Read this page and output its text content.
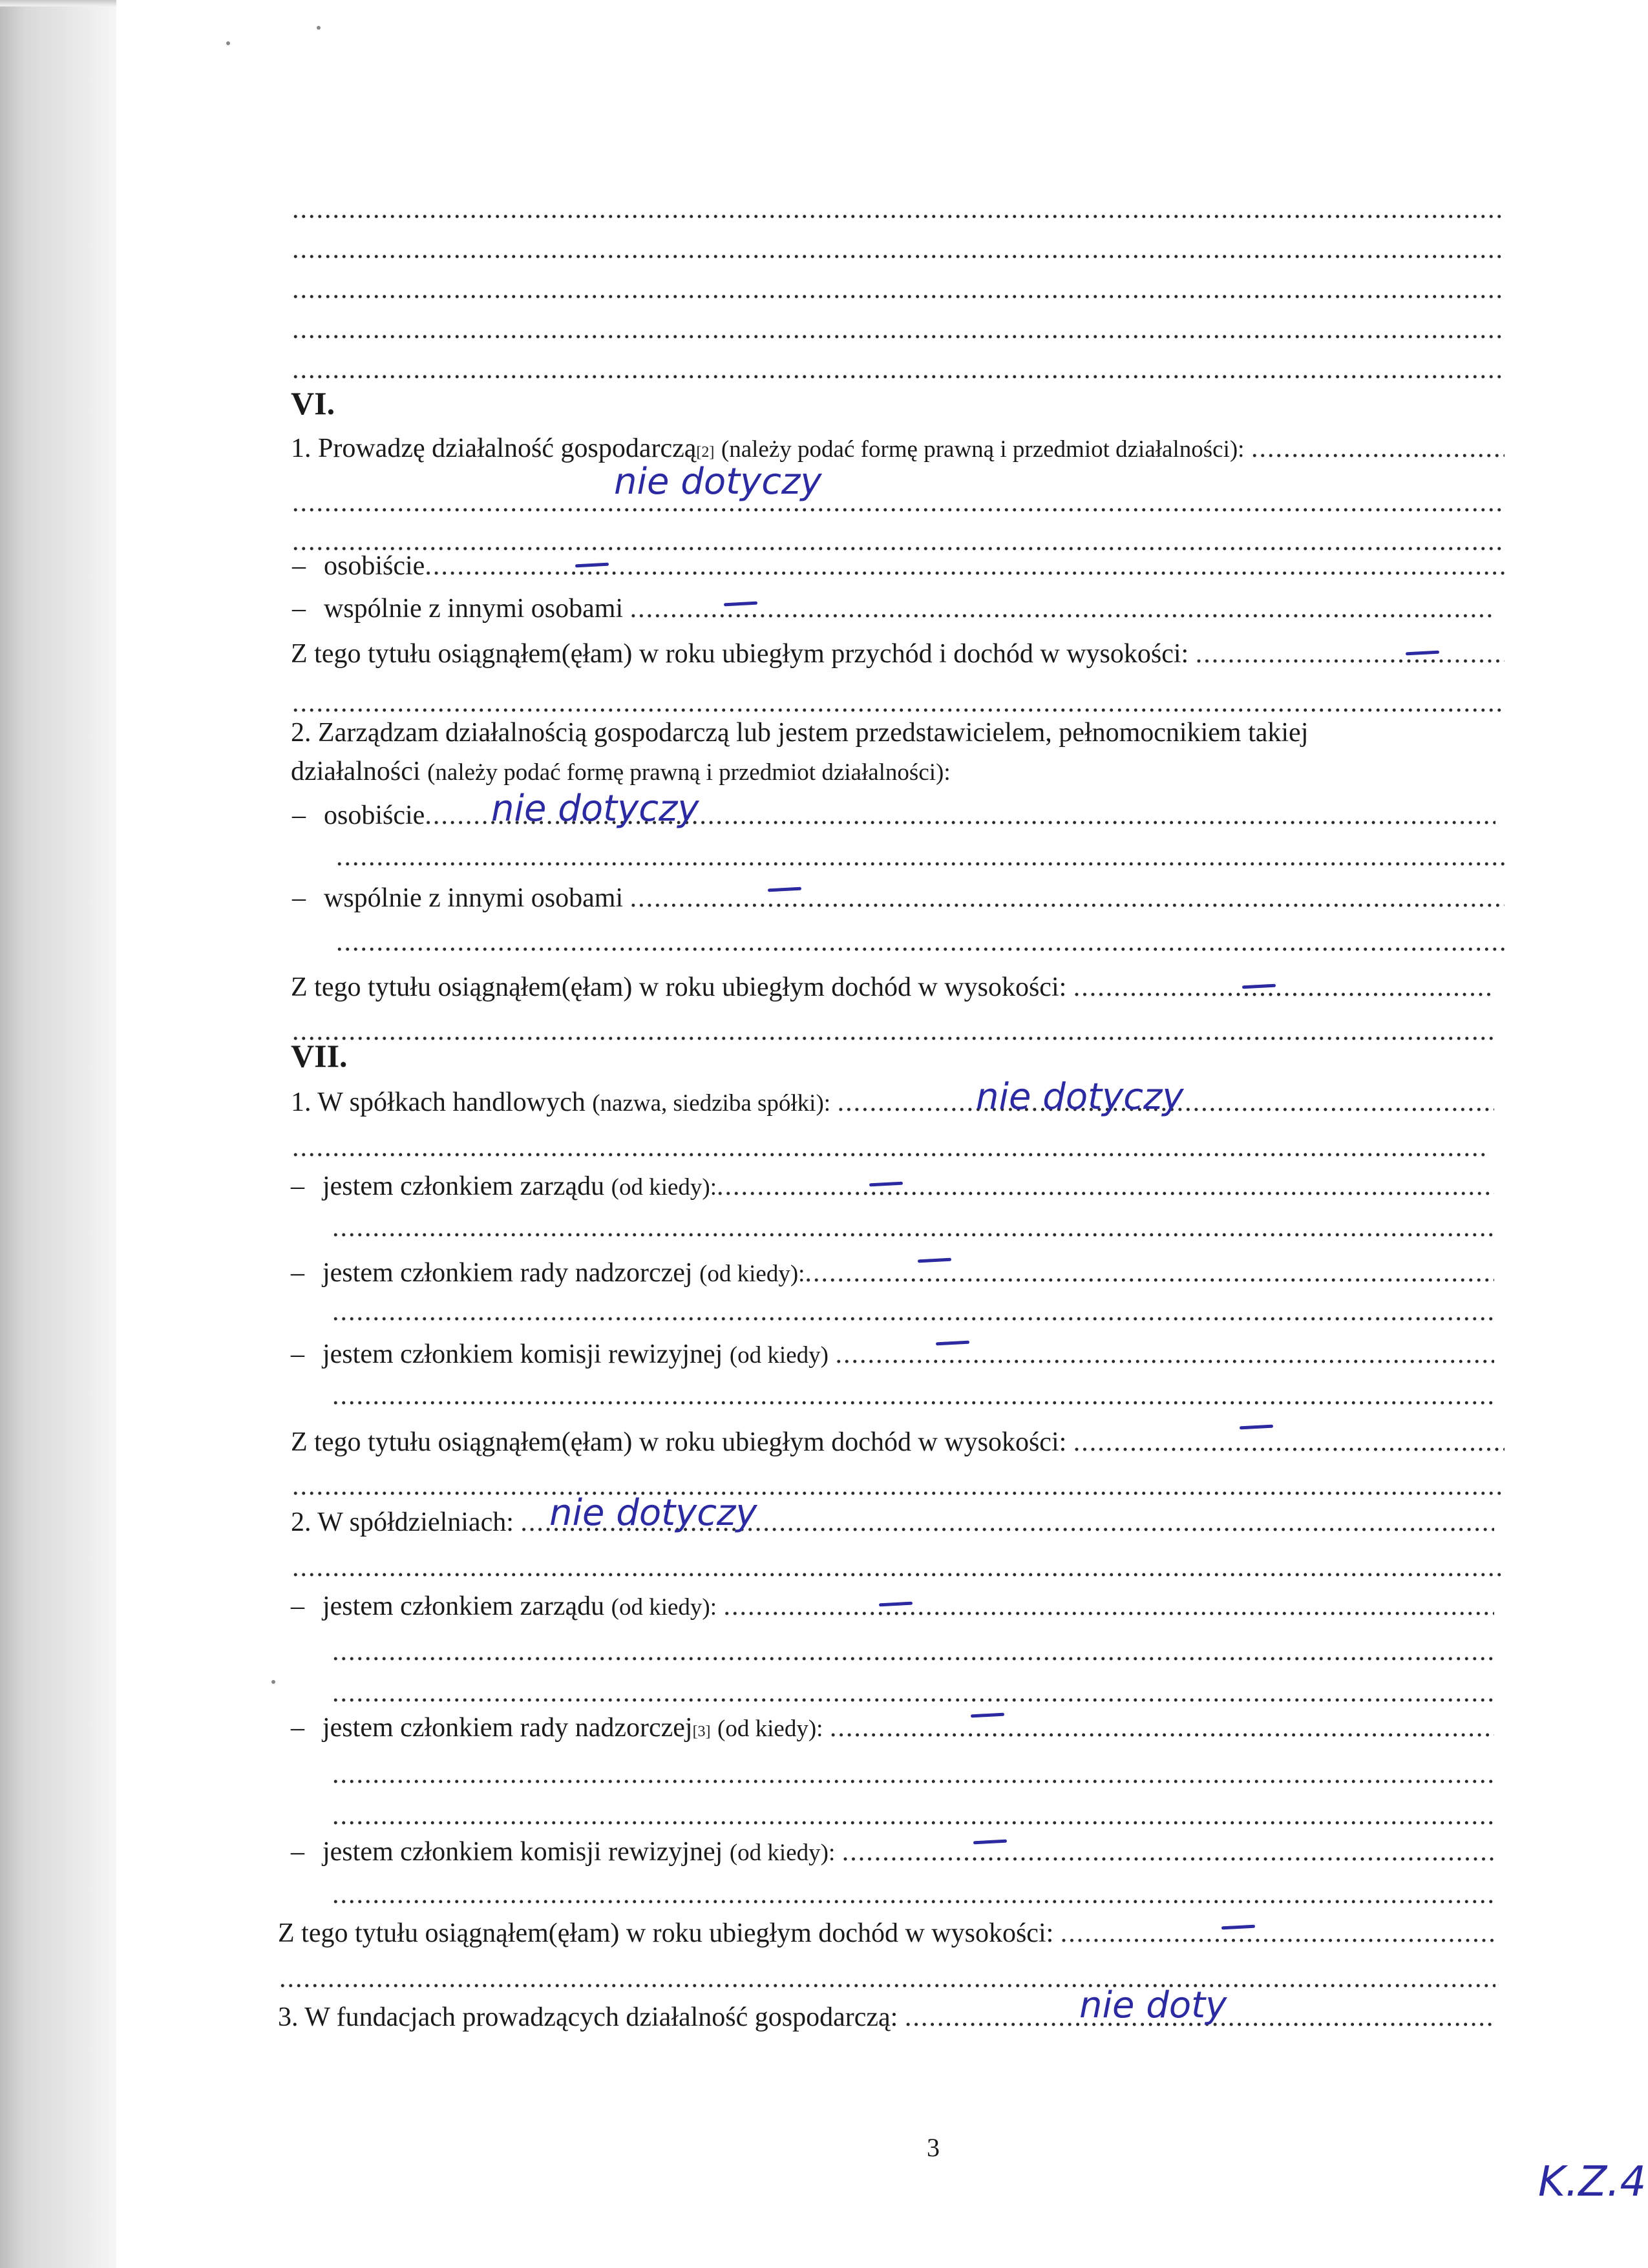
.....
.....
.....
.....
.....
VI.
1. Prowadzę działalność gospodarczą [2]
(należy podać formę prawną i przedmiot działalności):

.....
.....
nie dotyczy
.....
– osobiście
.....
– wspólnie z innymi osobami

.....
Z tego tytułu osiągnąłem(ęłam) w roku ubiegłym przychód i dochód w wysokości:

.....
.....
2. Zarządzam działalnością gospodarczą lub jestem przedstawicielem, pełnomocnikiem takiej
działalności
(należy podać formę prawną i przedmiot działalności):
– osobiście ..... nie dotyczy
.....
– wspólnie z innymi osobami

.....
.....
Z tego tytułu osiągnąłem(ęłam) w roku ubiegłym dochód w wysokości:

.....
.....
VII.
1. W spółkach handlowych
(nazwa, siedziba spółki):
.....	nie dotyczy
.....
– jestem członkiem zarządu
(od kiedy):
.....
.....
– jestem członkiem rady nadzorczej
(od kiedy):
.....
.....
– jestem członkiem komisji rewizyjnej
(od kiedy)

.....
.....
Z tego tytułu osiągnąłem(ęłam) w roku ubiegłym dochód w wysokości:

.....
.....
2. W spółdzielniach:
..... nie dotyczy
.....
– jestem członkiem zarządu
(od kiedy):

.....
.....
.....
– jestem członkiem rady nadzorczej [3]
(od kiedy):

.....
.....
.....
– jestem członkiem komisji rewizyjnej
(od kiedy):

.....
.....
Z tego tytułu osiągnąłem(ęłam) w roku ubiegłym dochód w wysokości:

.....
.....
3. W fundacjach prowadzących działalność gospodarczą:
.....	nie doty
3
K.Z.4
